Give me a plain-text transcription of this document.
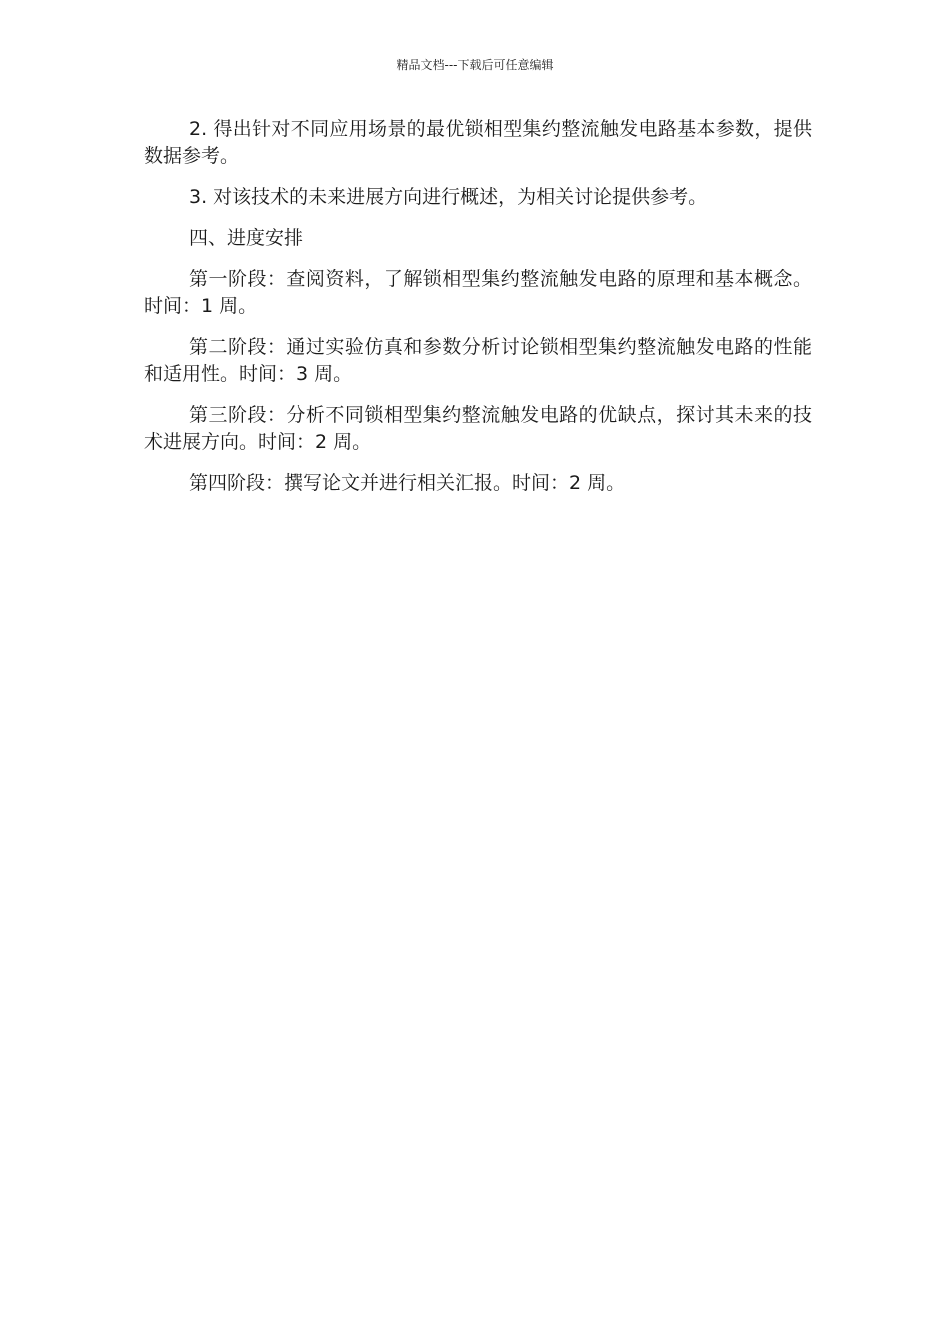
精品文档---下载后可任意编辑

2. 得出针对不同应用场景的最优锁相型集约整流触发电路基本参数，提供数据参考。

3. 对该技术的未来进展方向进行概述，为相关讨论提供参考。

四、进度安排

第一阶段：查阅资料，了解锁相型集约整流触发电路的原理和基本概念。时间：1 周。

第二阶段：通过实验仿真和参数分析讨论锁相型集约整流触发电路的性能和适用性。时间：3 周。

第三阶段：分析不同锁相型集约整流触发电路的优缺点，探讨其未来的技术进展方向。时间：2 周。

第四阶段：撰写论文并进行相关汇报。时间：2 周。
